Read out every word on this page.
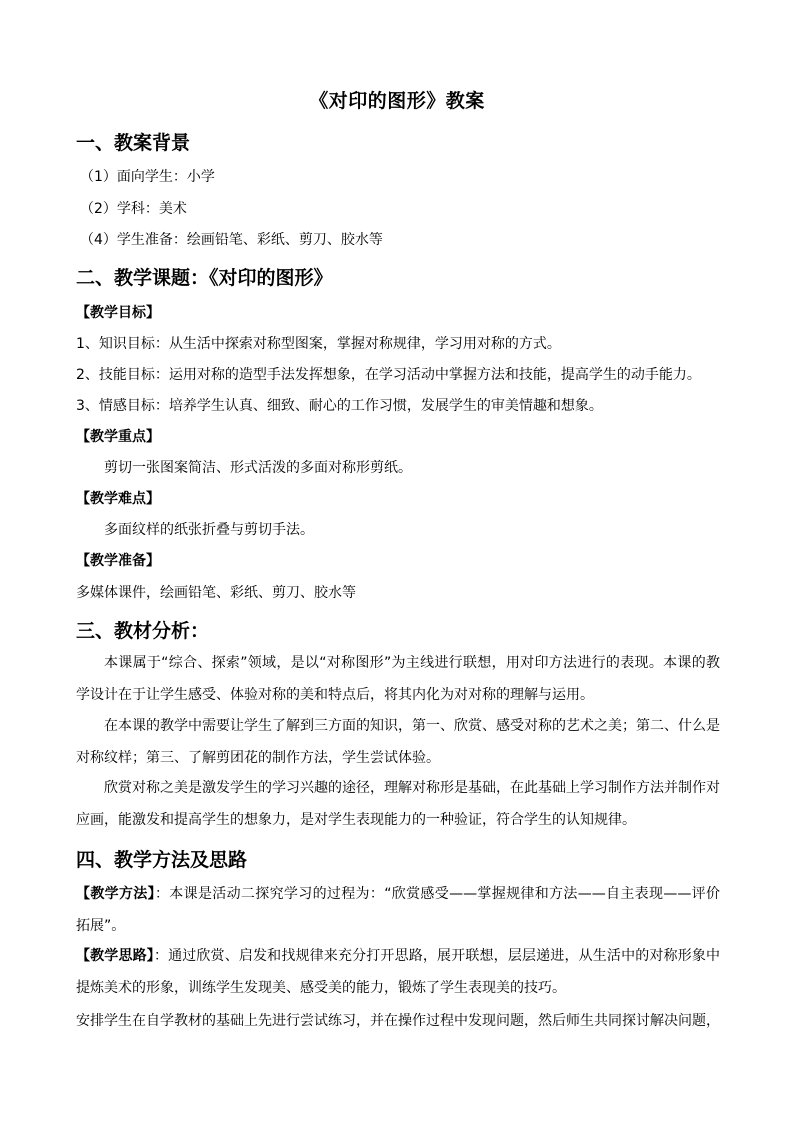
《对印的图形》教案
一、教案背景
（1）面向学生：小学
（2）学科：美术
（4）学生准备：绘画铅笔、彩纸、剪刀、胶水等
二、教学课题：《对印的图形》
【教学目标】
1、知识目标：从生活中探索对称型图案，掌握对称规律，学习用对称的方式。
2、技能目标：运用对称的造型手法发挥想象，在学习活动中掌握方法和技能，提高学生的动手能力。
3、情感目标：培养学生认真、细致、耐心的工作习惯，发展学生的审美情趣和想象。
【教学重点】
剪切一张图案简洁、形式活泼的多面对称形剪纸。
【教学难点】
多面纹样的纸张折叠与剪切手法。
【教学准备】
多媒体课件，绘画铅笔、彩纸、剪刀、胶水等
三、教材分析：
本课属于“综合、探索”领域，是以“对称图形”为主线进行联想，用对印方法进行的表现。本课的教学设计在于让学生感受、体验对称的美和特点后，将其内化为对对称的理解与运用。
在本课的教学中需要让学生了解到三方面的知识，第一、欣赏、感受对称的艺术之美；第二、什么是对称纹样；第三、了解剪团花的制作方法，学生尝试体验。
欣赏对称之美是激发学生的学习兴趣的途径，理解对称形是基础，在此基础上学习制作方法并制作对应画，能激发和提高学生的想象力，是对学生表现能力的一种验证，符合学生的认知规律。
四、教学方法及思路
【教学方法】：本课是活动二探究学习的过程为：“欣赏感受——掌握规律和方法——自主表现——评价拓展”。
【教学思路】：通过欣赏、启发和找规律来充分打开思路，展开联想，层层递进，从生活中的对称形象中提炼美术的形象，训练学生发现美、感受美的能力，锻炼了学生表现美的技巧。
安排学生在自学教材的基础上先进行尝试练习，并在操作过程中发现问题，然后师生共同探讨解决问题，
